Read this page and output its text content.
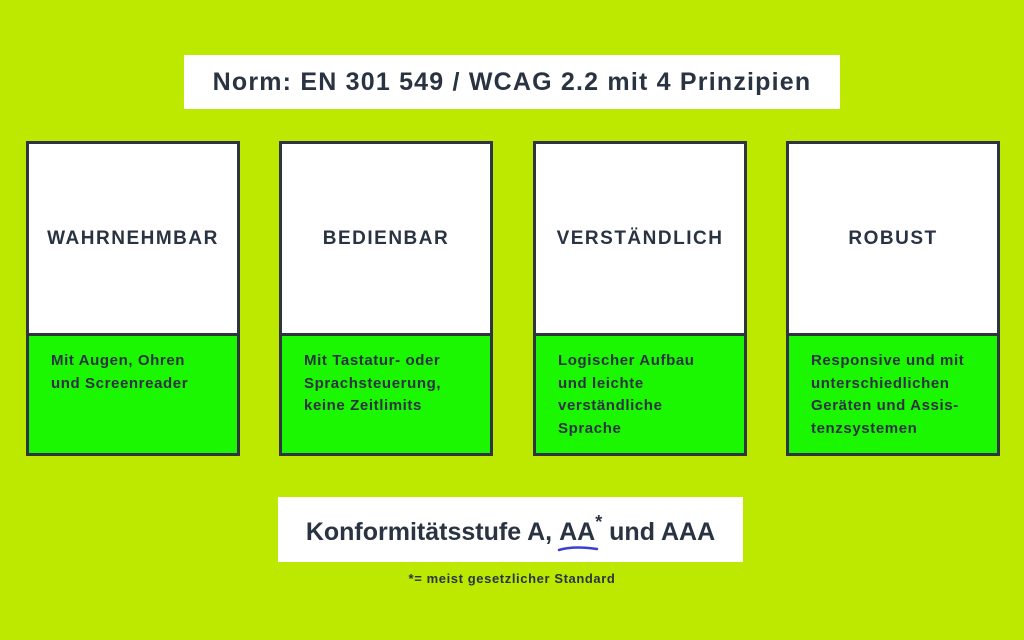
Norm: EN 301 549 / WCAG 2.2 mit 4 Prinzipien
WAHRNEHMBAR
Mit Augen, Ohren
und Screenreader
BEDIENBAR
Mit Tastatur- oder
Sprachsteuerung,
keine Zeitlimits
VERSTÄNDLICH
Logischer Aufbau
und leichte
verständliche
Sprache
ROBUST
Responsive und mit
unterschiedlichen
Geräten und Assis-
tenzsystemen
Konformitätsstufe A, AA*
und AAA
*= meist gesetzlicher Standard
